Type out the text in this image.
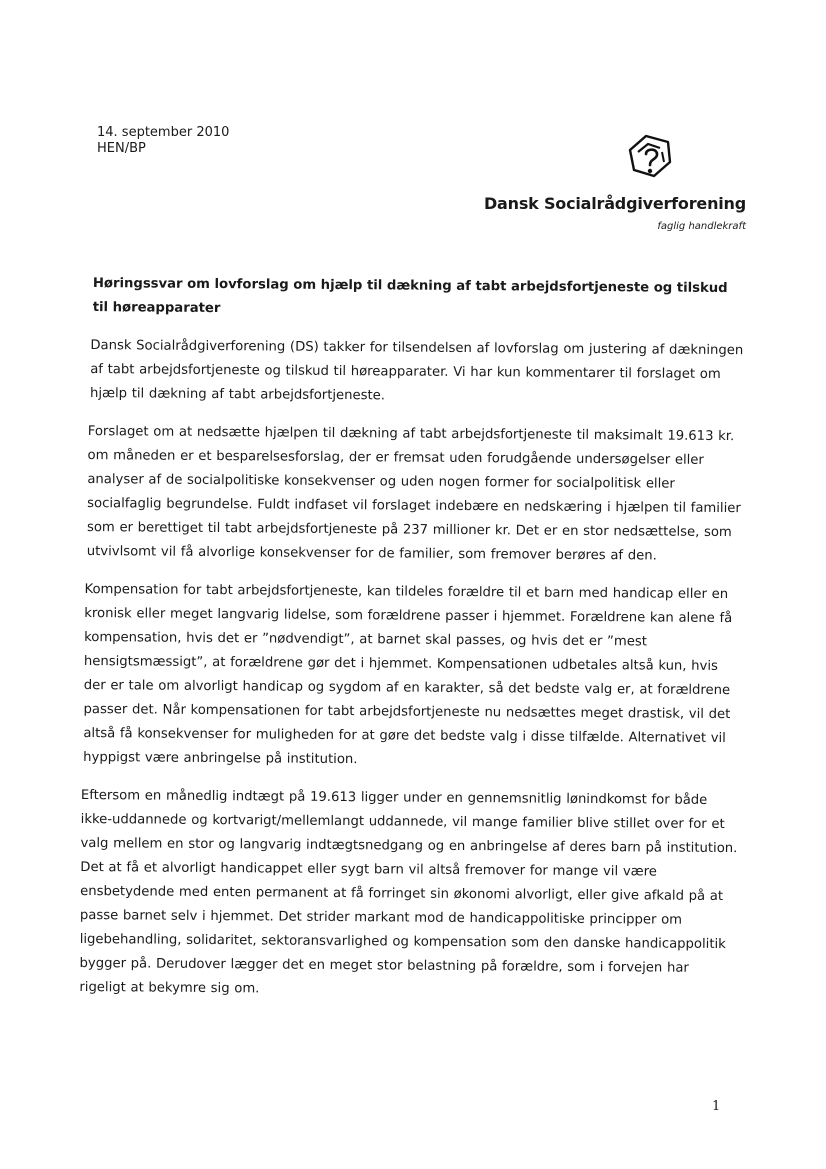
14. september 2010
HEN/BP
Dansk Socialrådgiverforening
faglig handlekraft
Høringssvar om lovforslag om hjælp til dækning af tabt arbejdsfortjeneste og tilskud til høreapparater

Dansk Socialrådgiverforening (DS) takker for tilsendelsen af lovforslag om justering af dækningen af tabt arbejdsfortjeneste og tilskud til høreapparater. Vi har kun kommentarer til forslaget om hjælp til dækning af tabt arbejdsfortjeneste.

Forslaget om at nedsætte hjælpen til dækning af tabt arbejdsfortjeneste til maksimalt 19.613 kr. om måneden er et besparelsesforslag, der er fremsat uden forudgående undersøgelser eller analyser af de socialpolitiske konsekvenser og uden nogen former for socialpolitisk eller socialfaglig begrundelse. Fuldt indfaset vil forslaget indebære en nedskæring i hjælpen til familier som er berettiget til tabt arbejdsfortjeneste på 237 millioner kr. Det er en stor nedsættelse, som utvivlsomt vil få alvorlige konsekvenser for de familier, som fremover berøres af den.

Kompensation for tabt arbejdsfortjeneste, kan tildeles forældre til et barn med handicap eller en kronisk eller meget langvarig lidelse, som forældrene passer i hjemmet. Forældrene kan alene få kompensation, hvis det er ”nødvendigt”, at barnet skal passes, og hvis det er ”mest hensigtsmæssigt”, at forældrene gør det i hjemmet. Kompensationen udbetales altså kun, hvis der er tale om alvorligt handicap og sygdom af en karakter, så det bedste valg er, at forældrene passer det. Når kompensationen for tabt arbejdsfortjeneste nu nedsættes meget drastisk, vil det altså få konsekvenser for muligheden for at gøre det bedste valg i disse tilfælde. Alternativet vil hyppigst være anbringelse på institution.

Eftersom en månedlig indtægt på 19.613 ligger under en gennemsnitlig lønindkomst for både ikke-uddannede og kortvarigt/mellemlangt uddannede, vil mange familier blive stillet over for et valg mellem en stor og langvarig indtægtsnedgang og en anbringelse af deres barn på institution. Det at få et alvorligt handicappet eller sygt barn vil altså fremover for mange vil være ensbetydende med enten permanent at få forringet sin økonomi alvorligt, eller give afkald på at passe barnet selv i hjemmet. Det strider markant mod de handicappolitiske principper om ligebehandling, solidaritet, sektoransvarlighed og kompensation som den danske handicappolitik bygger på. Derudover lægger det en meget stor belastning på forældre, som i forvejen har rigeligt at bekymre sig om.

1
